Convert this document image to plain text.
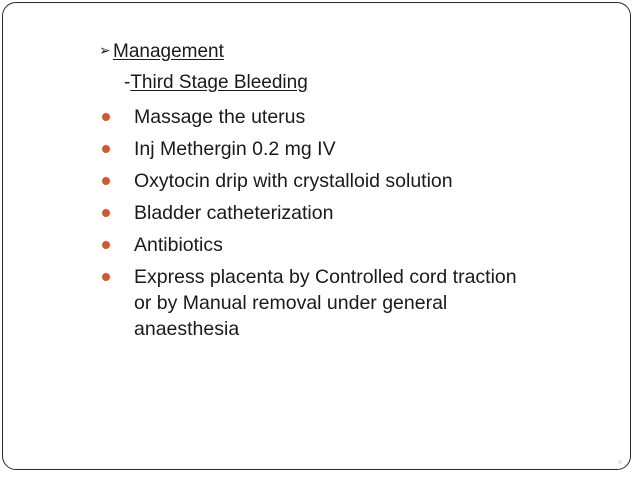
➢ Management
-Third Stage Bleeding
Massage the uterus
Inj Methergin 0.2 mg IV
Oxytocin drip with crystalloid solution
Bladder catheterization
Antibiotics
Express placenta by Controlled cord traction or by Manual removal under general anaesthesia
